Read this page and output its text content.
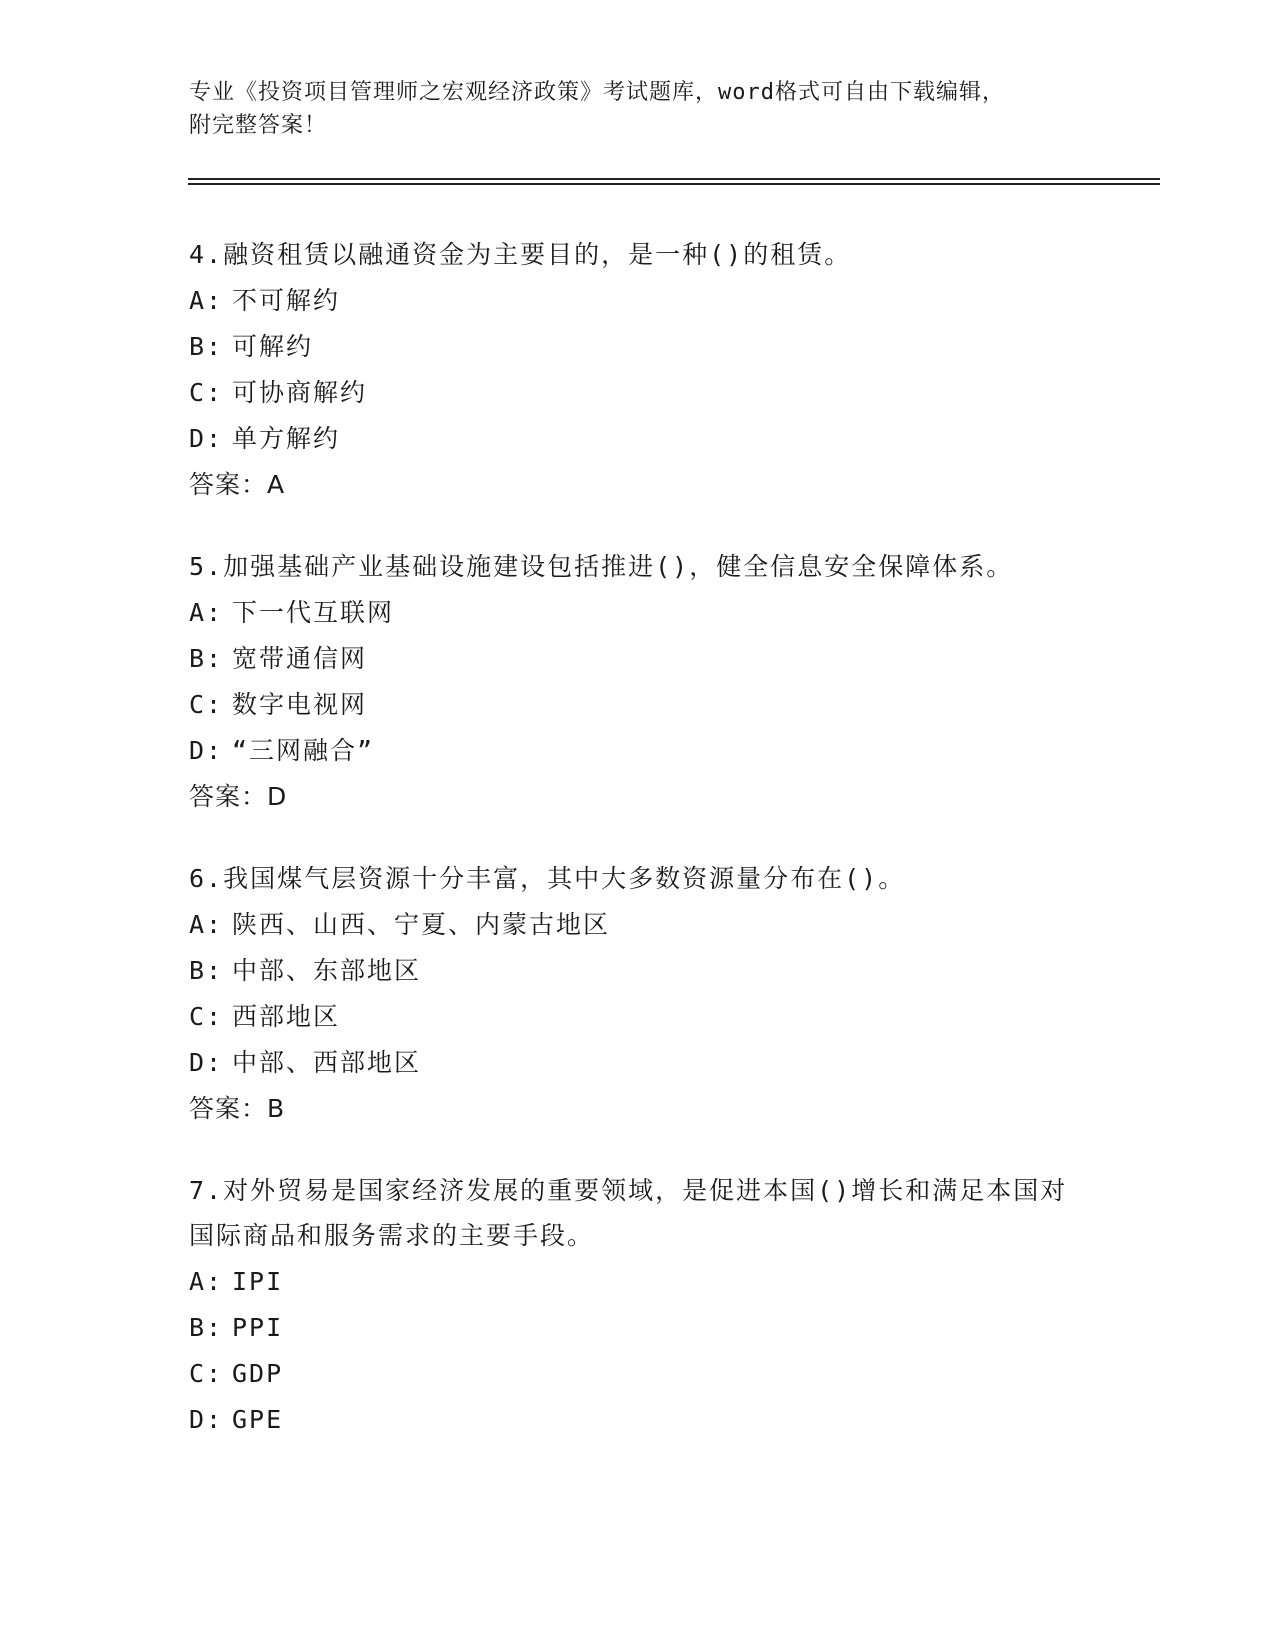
专业《投资项目管理师之宏观经济政策》考试题库，word格式可自由下载编辑，
附完整答案！
4.融资租赁以融通资金为主要目的，是一种()的租赁。
A: 不可解约
B: 可解约
C: 可协商解约
D: 单方解约
答案：A
5.加强基础产业基础设施建设包括推进()，健全信息安全保障体系。
A: 下一代互联网
B: 宽带通信网
C: 数字电视网
D: “三网融合”
答案：D
6.我国煤气层资源十分丰富，其中大多数资源量分布在()。
A: 陕西、山西、宁夏、内蒙古地区
B: 中部、东部地区
C: 西部地区
D: 中部、西部地区
答案：B
7.对外贸易是国家经济发展的重要领域，是促进本国()增长和满足本国对国际商品和服务需求的主要手段。
A: IPI
B: PPI
C: GDP
D: GPE
